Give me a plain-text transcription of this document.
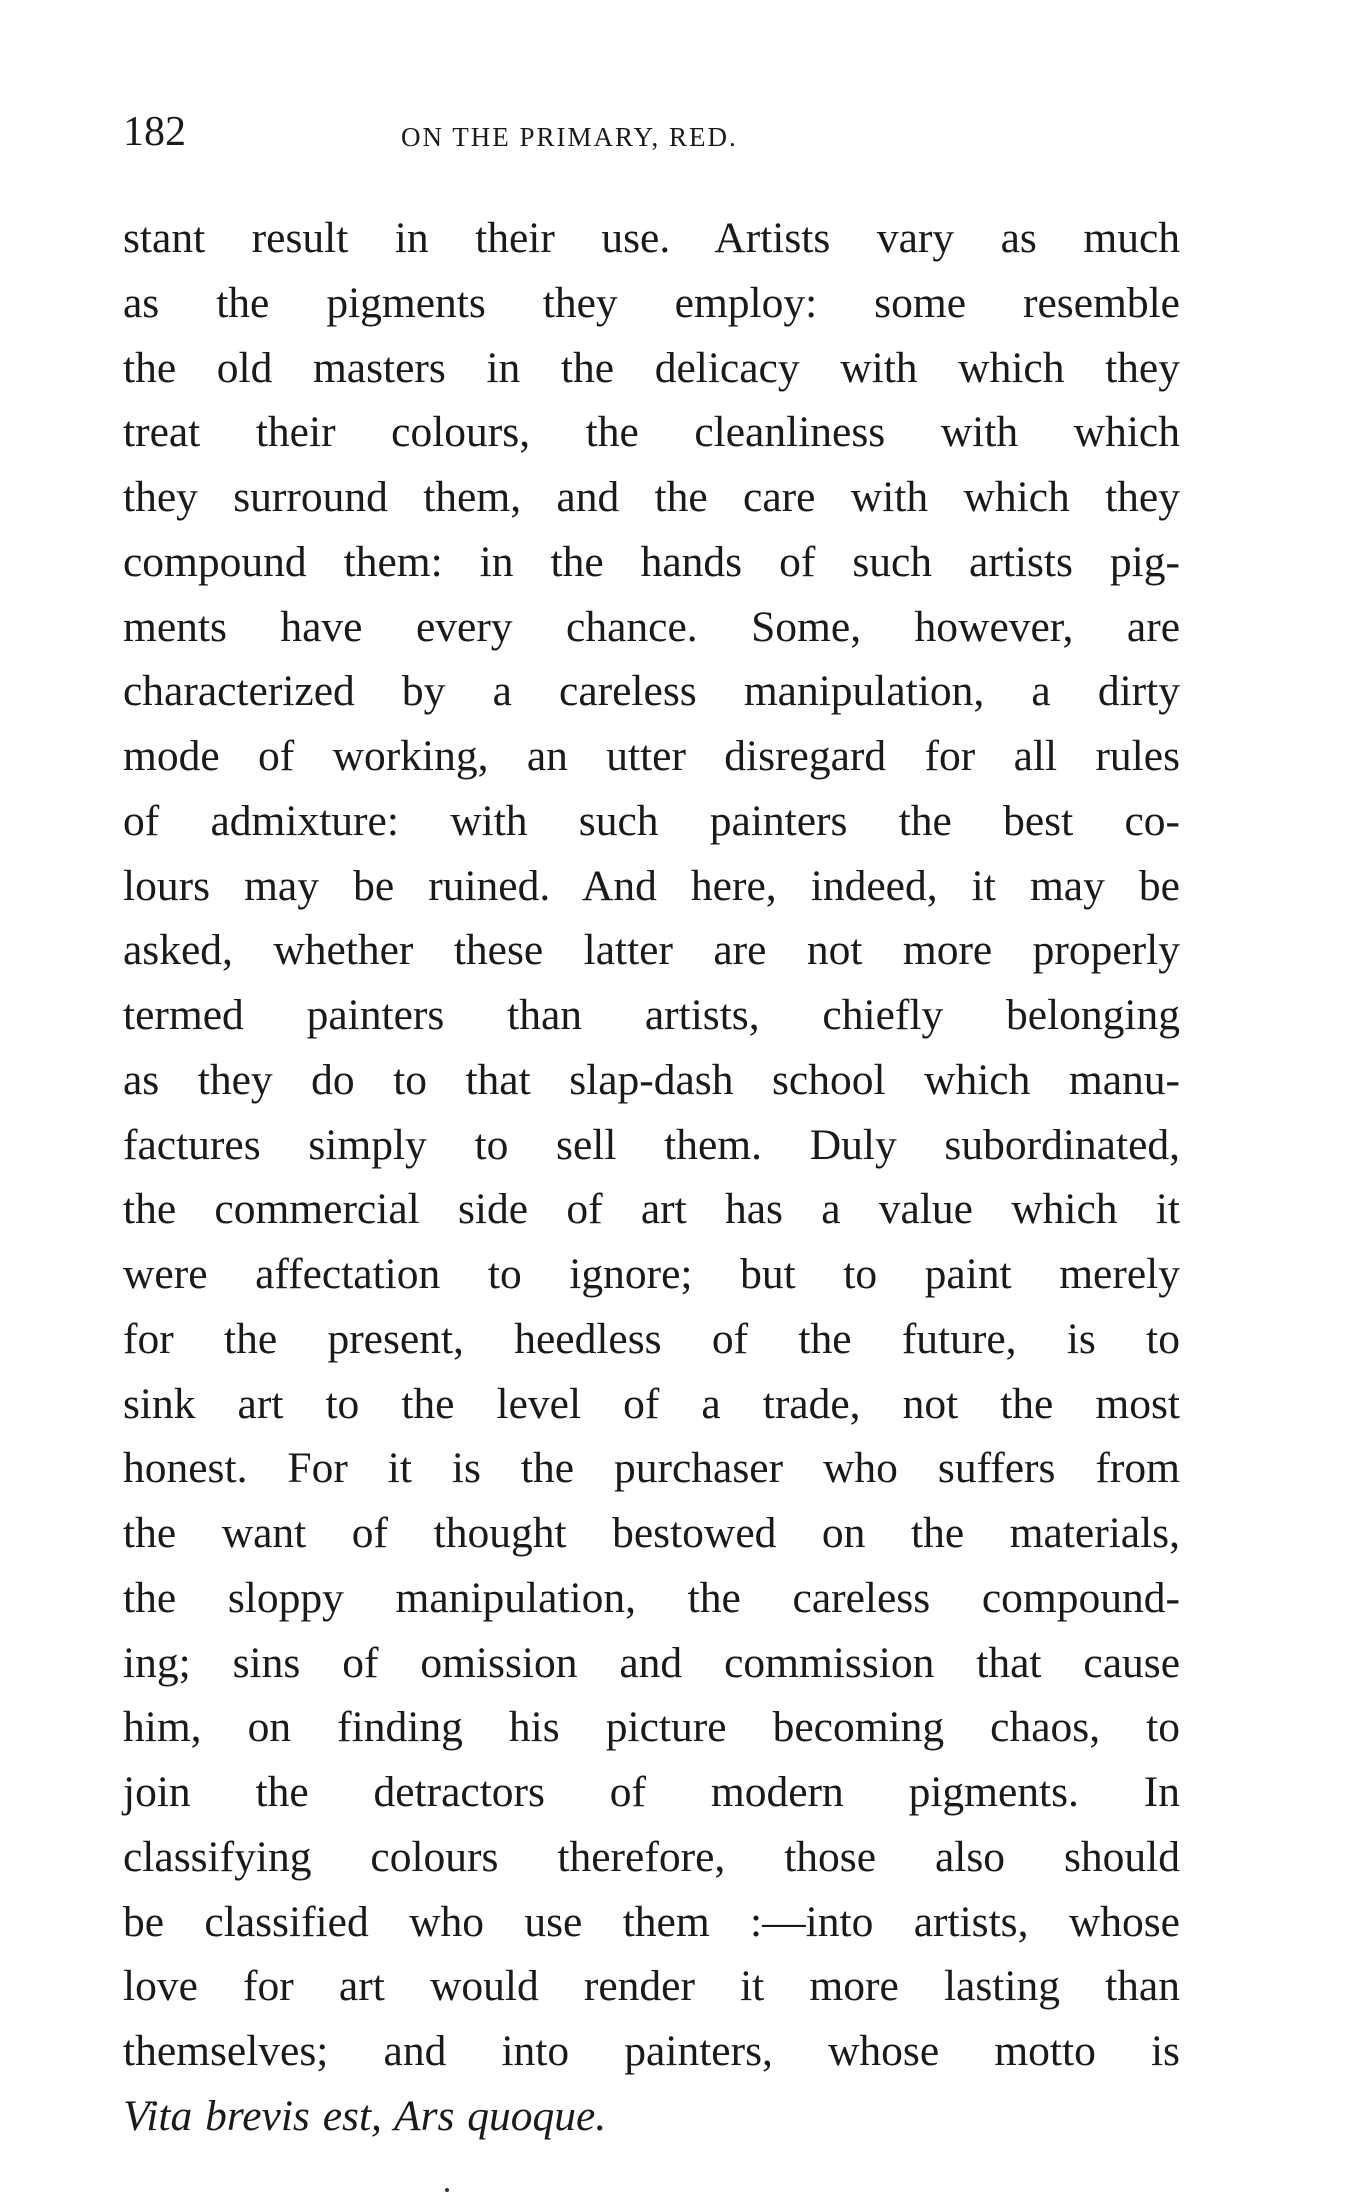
182	ON THE PRIMARY, RED.
stant result in their use. Artists vary as much
as the pigments they employ: some resemble
the old masters in the delicacy with which they
treat their colours, the cleanliness with which
they surround them, and the care with which they
compound them: in the hands of such artists pig-
ments have every chance. Some, however, are
characterized by a careless manipulation, a dirty
mode of working, an utter disregard for all rules
of admixture: with such painters the best co-
lours may be ruined. And here, indeed, it may be
asked, whether these latter are not more properly
termed painters than artists, chiefly belonging
as they do to that slap-dash school which manu-
factures simply to sell them. Duly subordinated,
the commercial side of art has a value which it
were affectation to ignore; but to paint merely
for the present, heedless of the future, is to
sink art to the level of a trade, not the most
honest. For it is the purchaser who suffers from
the want of thought bestowed on the materials,
the sloppy manipulation, the careless compound-
ing; sins of omission and commission that cause
him, on finding his picture becoming chaos, to
join the detractors of modern pigments. In
classifying colours therefore, those also should
be classified who use them :—into artists, whose
love for art would render it more lasting than
themselves; and into painters, whose motto is
Vita brevis est, Ars quoque.
